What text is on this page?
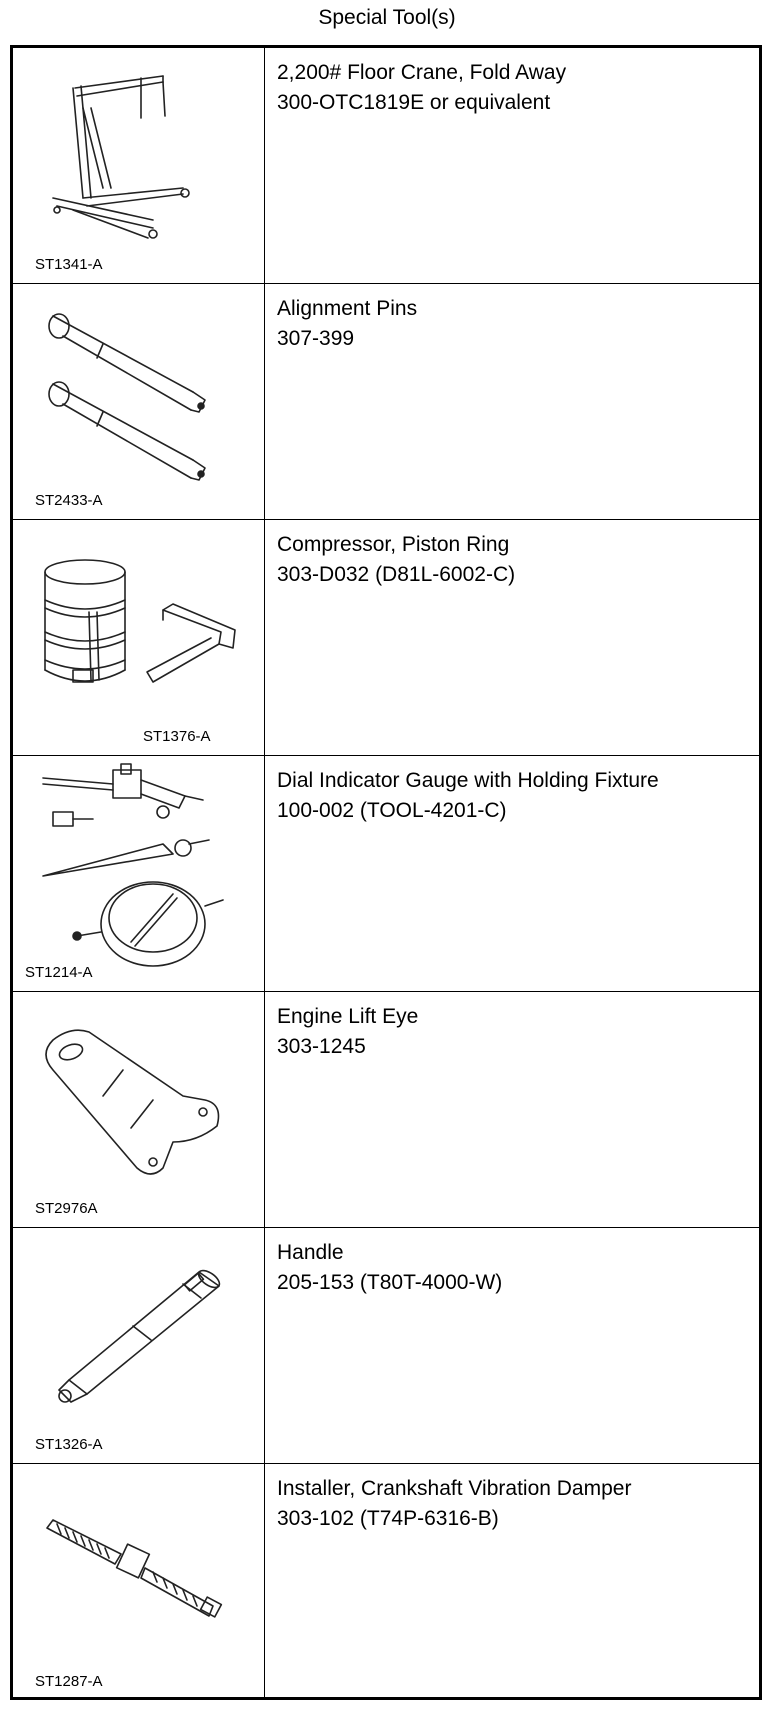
Special Tool(s)
ST1341-A
2,200# Floor Crane, Fold Away
300-OTC1819E or equivalent
ST2433-A
Alignment Pins
307-399
ST1376-A
Compressor, Piston Ring
303-D032 (D81L-6002-C)
ST1214-A
Dial Indicator Gauge with Holding Fixture
100-002 (TOOL-4201-C)
ST2976A
Engine Lift Eye
303-1245
ST1326-A
Handle
205-153 (T80T-4000-W)
ST1287-A
Installer, Crankshaft Vibration Damper
303-102 (T74P-6316-B)
